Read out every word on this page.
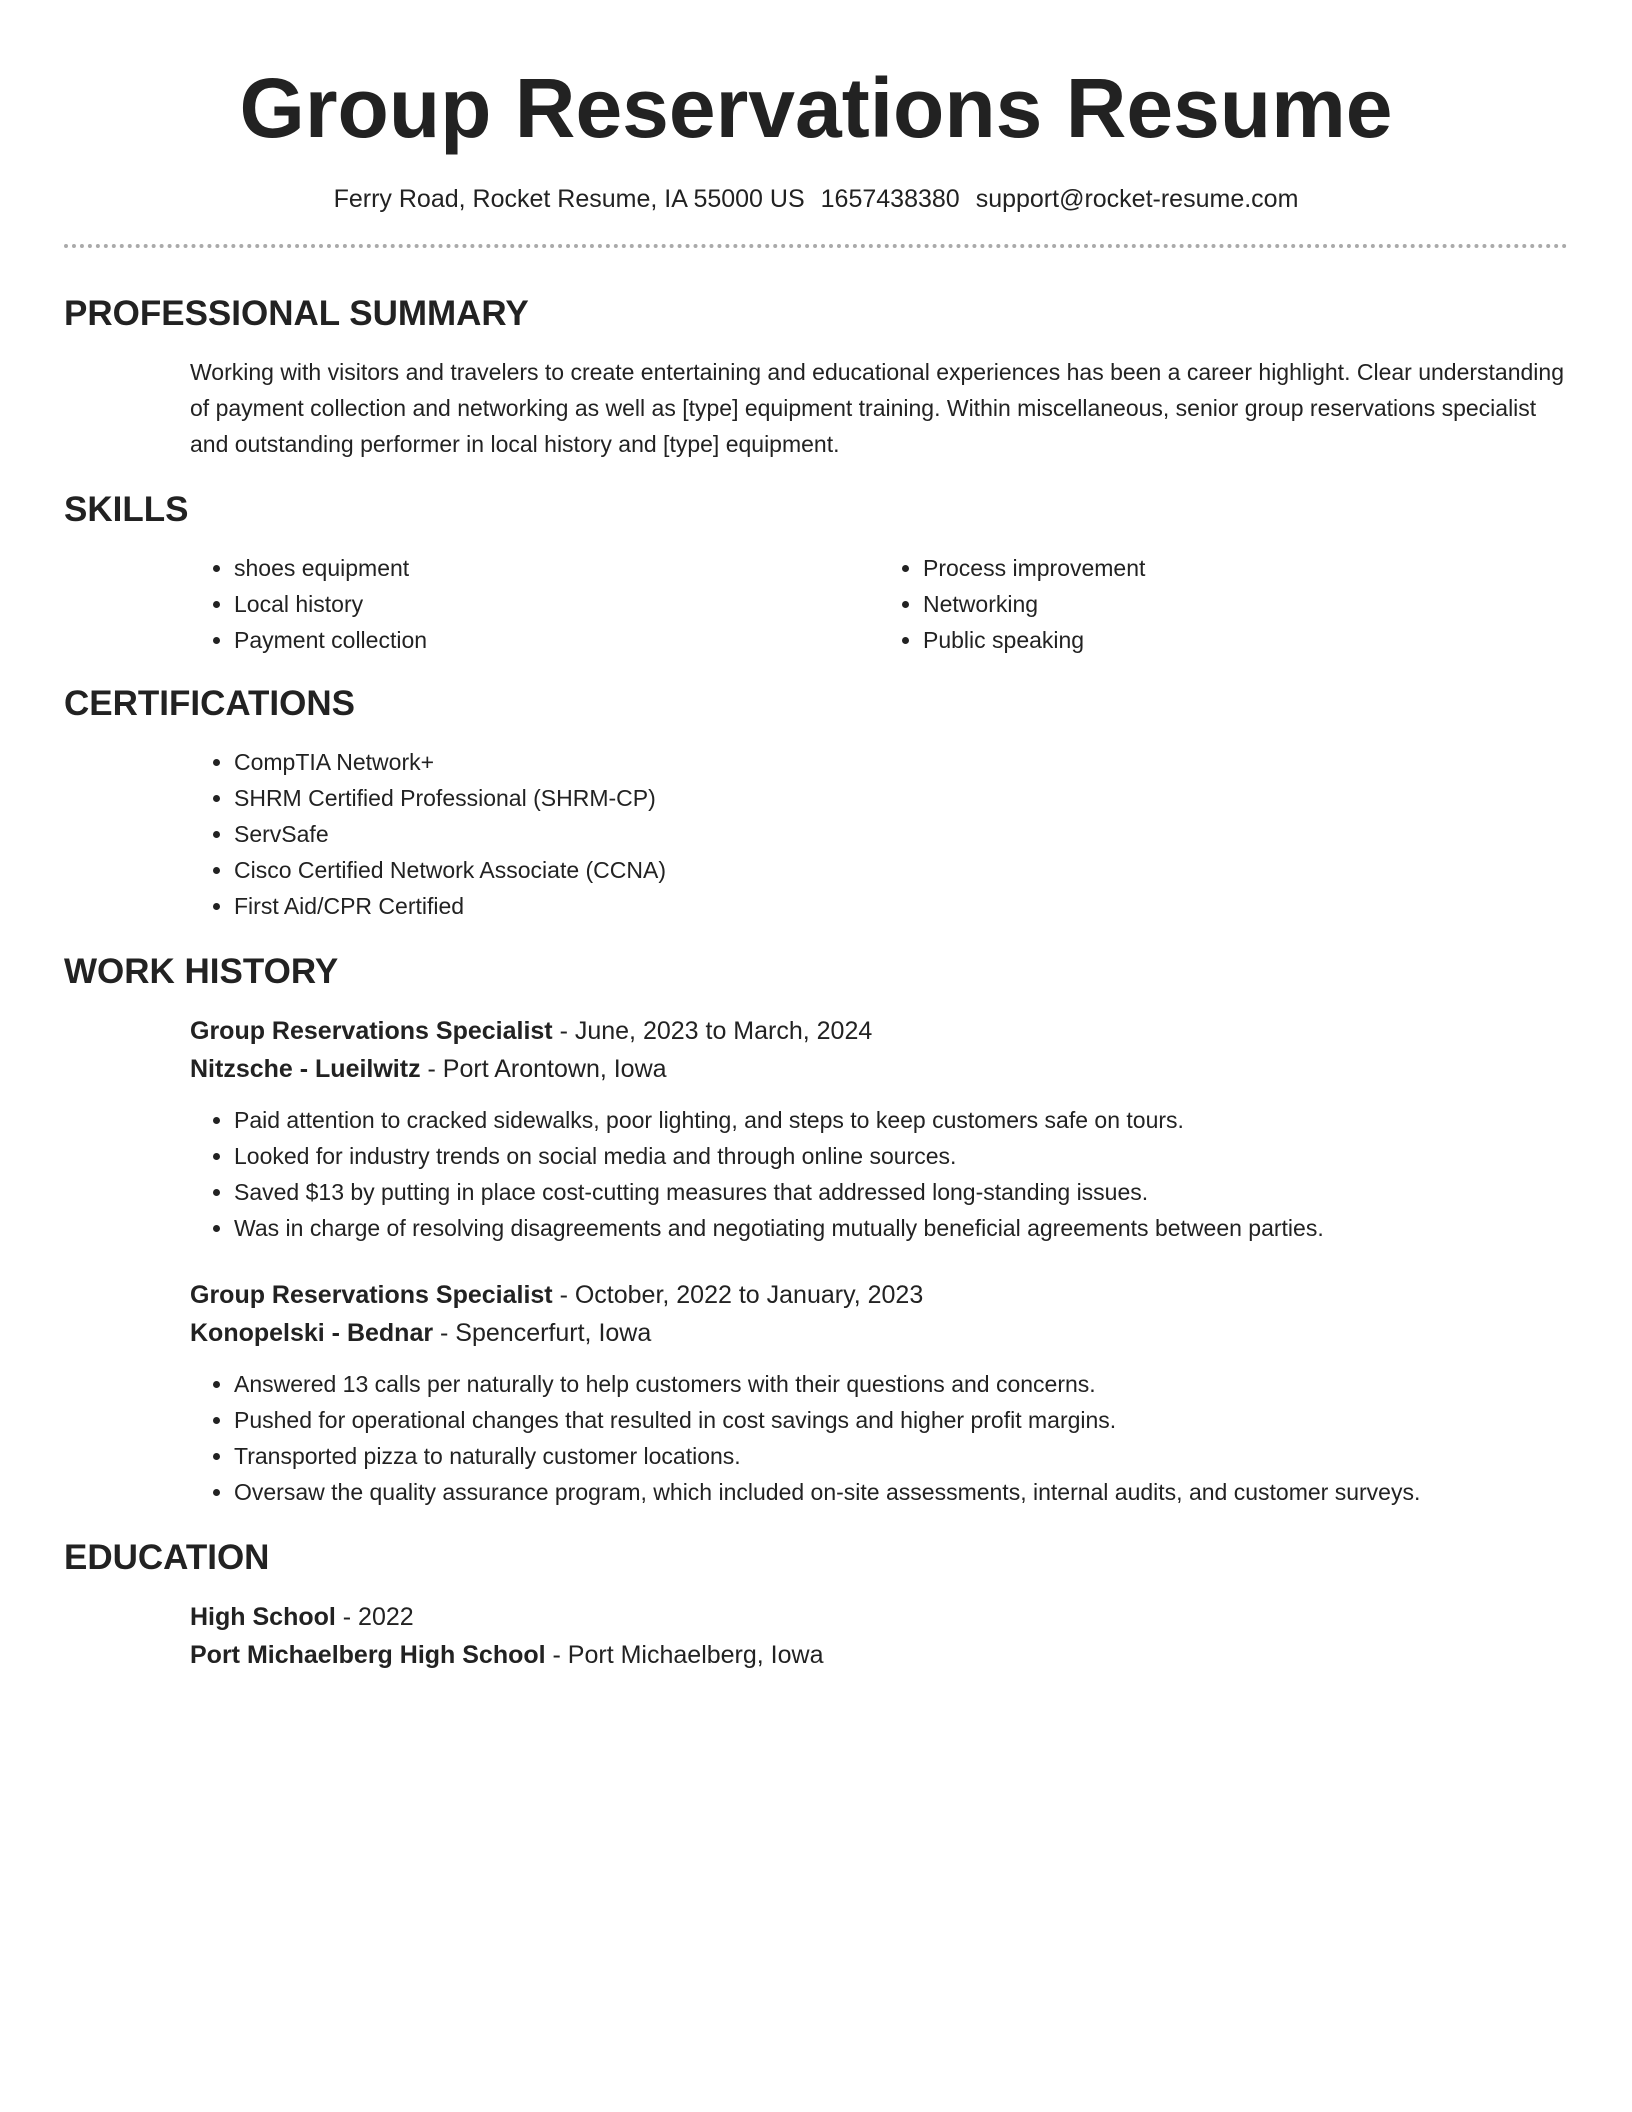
Group Reservations Resume
Ferry Road, Rocket Resume, IA 55000 US 1657438380 support@rocket-resume.com
PROFESSIONAL SUMMARY

Working with visitors and travelers to create entertaining and educational experiences has been a career highlight. Clear understanding of payment collection and networking as well as [type] equipment training. Within miscellaneous, senior group reservations specialist and outstanding performer in local history and [type] equipment.

SKILLS
• shoes equipment
• Local history
• Payment collection
• Process improvement
• Networking
• Public speaking
CERTIFICATIONS
• CompTIA Network+
• SHRM Certified Professional (SHRM-CP)
• ServSafe
• Cisco Certified Network Associate (CCNA)
• First Aid/CPR Certified
WORK HISTORY
Group Reservations Specialist - June, 2023 to March, 2024
Nitzsche - Lueilwitz - Port Arontown, Iowa
• Paid attention to cracked sidewalks, poor lighting, and steps to keep customers safe on tours.
• Looked for industry trends on social media and through online sources.
• Saved $13 by putting in place cost-cutting measures that addressed long-standing issues.
• Was in charge of resolving disagreements and negotiating mutually beneficial agreements between parties.
Group Reservations Specialist - October, 2022 to January, 2023
Konopelski - Bednar - Spencerfurt, Iowa
• Answered 13 calls per naturally to help customers with their questions and concerns.
• Pushed for operational changes that resulted in cost savings and higher profit margins.
• Transported pizza to naturally customer locations.
• Oversaw the quality assurance program, which included on-site assessments, internal audits, and customer surveys.
EDUCATION
High School - 2022
Port Michaelberg High School - Port Michaelberg, Iowa
